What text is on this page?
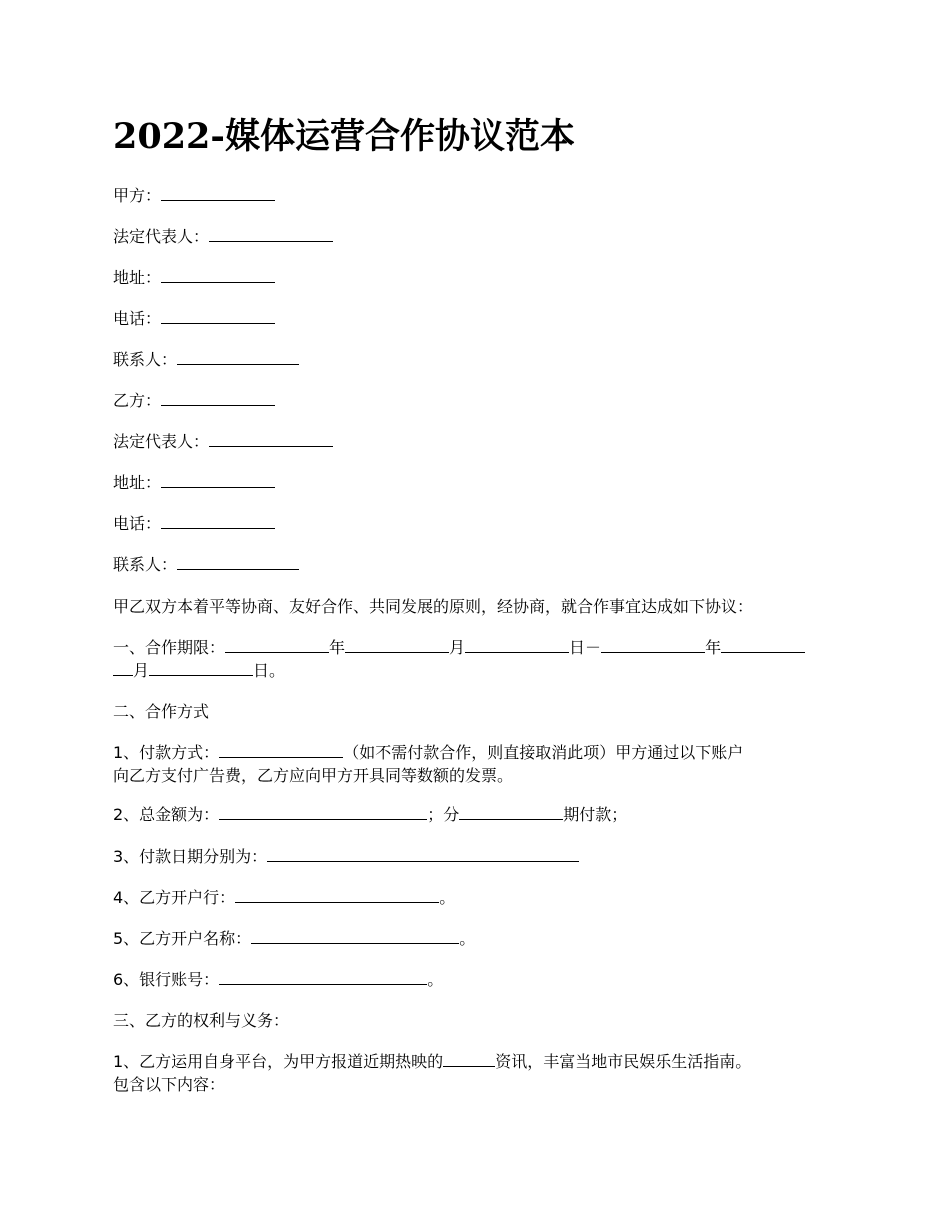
2022-媒体运营合作协议范本
甲方：
法定代表人：
地址：
电话：
联系人：
乙方：
法定代表人：
地址：
电话：
联系人：
甲乙双方本着平等协商、友好合作、共同发展的原则，经协商，就合作事宜达成如下协议：
一、合作期限：	年	月	日－	年
月	日。
二、合作方式
1、付款方式：	（如不需付款合作，则直接取消此项）甲方通过以下账户
向乙方支付广告费，乙方应向甲方开具同等数额的发票。
2、总金额为：	；分	期付款；
3、付款日期分别为：
4、乙方开户行：	。
5、乙方开户名称：	。
6、银行账号：	。
三、乙方的权利与义务：
1、乙方运用自身平台，为甲方报道近期热映的	资讯，丰富当地市民娱乐生活指南。
包含以下内容：
